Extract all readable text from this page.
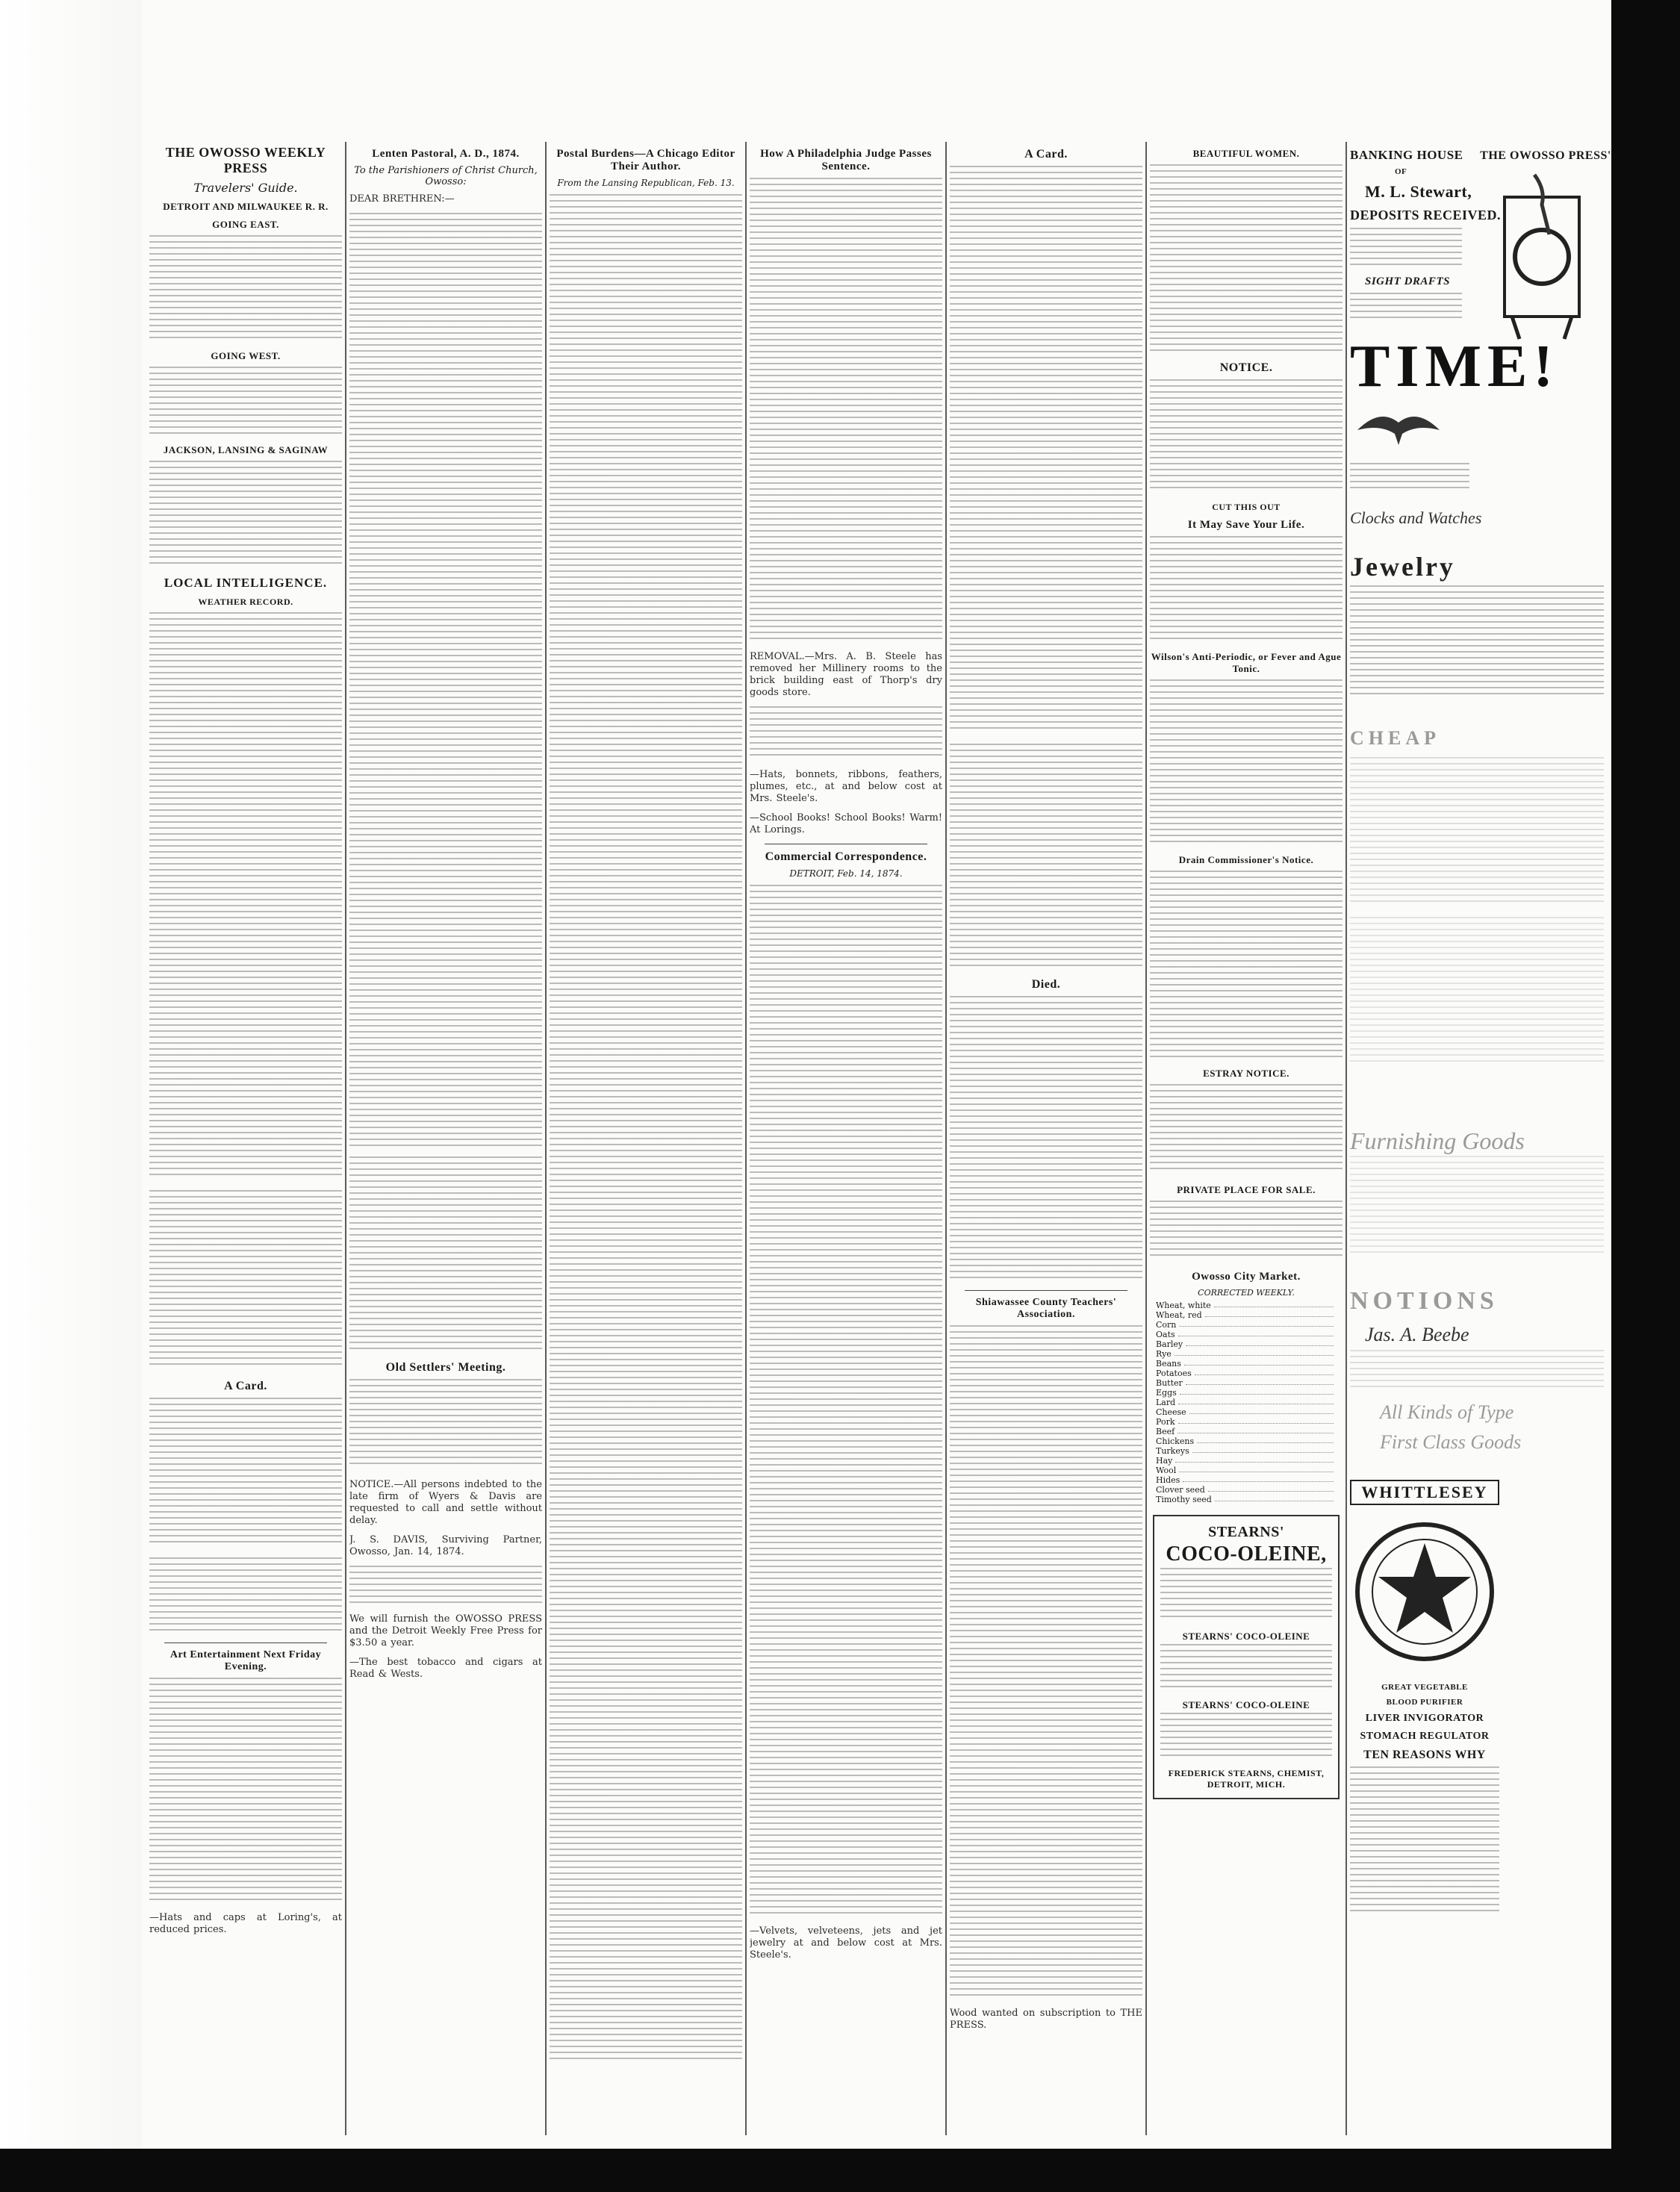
THE OWOSSO WEEKLY PRESS
Travelers' Guide.
DETROIT AND MILWAUKEE R. R.
GOING EAST.
GOING WEST.
JACKSON, LANSING & SAGINAW
LOCAL INTELLIGENCE.
WEATHER RECORD.
A Card.
Art Entertainment Next Friday Evening.

—Hats and caps at Loring's, at reduced prices.

Lenten Pastoral, A. D., 1874.
To the Parishioners of Christ Church, Owosso:

DEAR BRETHREN:—

Old Settlers' Meeting.

NOTICE.—All persons indebted to the late firm of Wyers & Davis are requested to call and settle without delay.

J. S. DAVIS, Surviving Partner, Owosso, Jan. 14, 1874.

We will furnish the OWOSSO PRESS and the Detroit Weekly Free Press for $3.50 a year.

—The best tobacco and cigars at Read & Wests.

Postal Burdens—A Chicago Editor Their Author.
From the Lansing Republican, Feb. 13.
How A Philadelphia Judge Passes Sentence.

REMOVAL.—Mrs. A. B. Steele has removed her Millinery rooms to the brick building east of Thorp's dry goods store.

—Hats, bonnets, ribbons, feathers, plumes, etc., at and below cost at Mrs. Steele's.

—School Books! School Books! Warm! At Lorings.

Commercial Correspondence.
DETROIT, Feb. 14, 1874.

—Velvets, velveteens, jets and jet jewelry at and below cost at Mrs. Steele's.

A Card.
Died.
Shiawassee County Teachers' Association.

Wood wanted on subscription to THE PRESS.

BEAUTIFUL WOMEN.
NOTICE.
CUT THIS OUT
It May Save Your Life.
Wilson's Anti-Periodic, or Fever and Ague Tonic.
Drain Commissioner's Notice.
ESTRAY NOTICE.
PRIVATE PLACE FOR SALE.
Owosso City Market.
CORRECTED WEEKLY.
Wheat, white
Wheat, red
Corn
Oats
Barley
Rye
Beans
Potatoes
Butter
Eggs
Lard
Cheese
Pork
Beef
Chickens
Turkeys
Hay
Wool
Hides
Clover seed
Timothy seed
STEARNS'
COCO-OLEINE,
STEARNS' COCO-OLEINE
STEARNS' COCO-OLEINE
FREDERICK STEARNS, CHEMIST, DETROIT, MICH.
BANKING HOUSE
OF
M. L. Stewart,
DEPOSITS RECEIVED.
SIGHT DRAFTS
TIME!
Clocks and Watches
Jewelry
CHEAP
Furnishing Goods
NOTIONS
Jas. A. Beebe
All Kinds of Type
First Class Goods
WHITTLESEY
GREAT VEGETABLE
BLOOD PURIFIER
LIVER INVIGORATOR
STOMACH REGULATOR
TEN REASONS WHY
THE OWOSSO PRESS'
